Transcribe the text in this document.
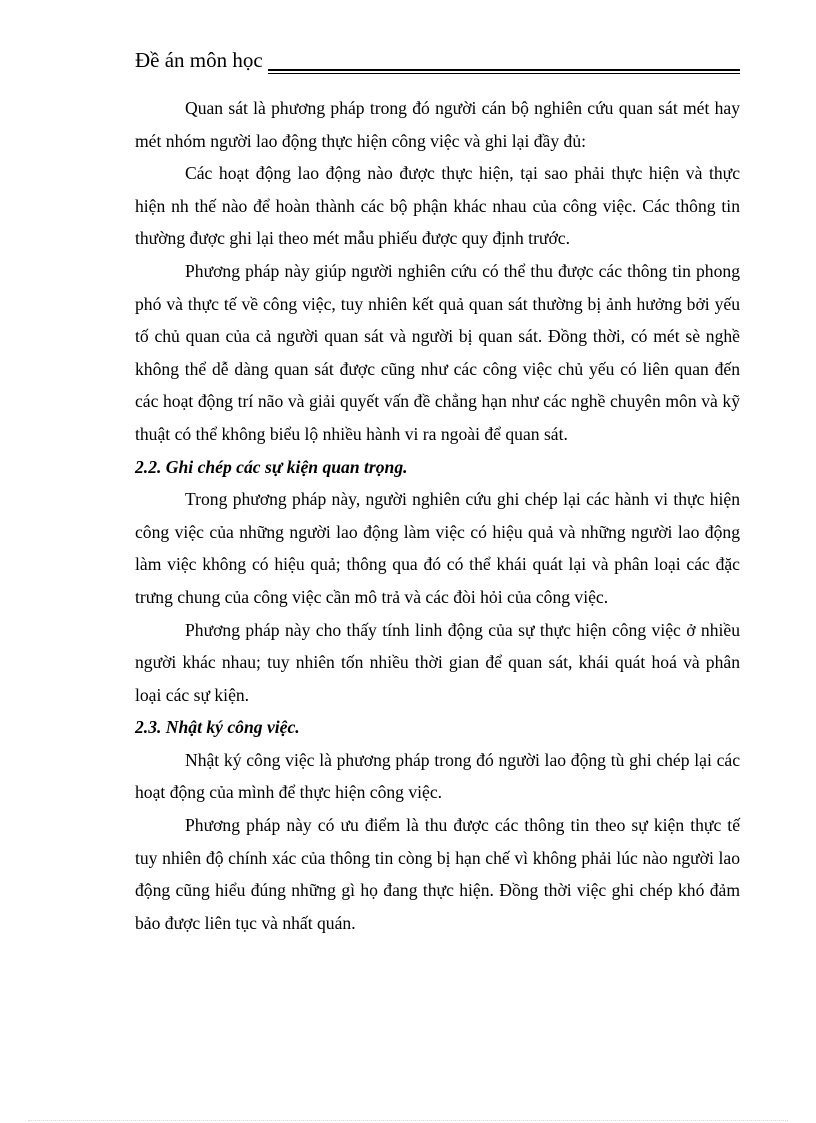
Đề án môn học

Quan sát là phương pháp trong đó người cán bộ nghiên cứu quan sát mét hay mét nhóm người lao động thực hiện công việc và ghi lại đầy đủ:

Các hoạt động lao động nào được thực hiện, tại sao phải thực hiện và thực hiện nh thế nào để hoàn thành các bộ phận khác nhau của công việc. Các thông tin thường được ghi lại theo mét mẫu phiếu được quy định trước.

Phương pháp này giúp người nghiên cứu có thể thu được các thông tin phong phó và thực tế về công việc, tuy nhiên kết quả quan sát thường bị ảnh hưởng bởi yếu tố chủ quan của cả người quan sát và người bị quan sát. Đồng thời, có mét sè nghề không thể dễ dàng quan sát được cũng như các công việc chủ yếu có liên quan đến các hoạt động trí não và giải quyết vấn đề chẳng hạn như các nghề chuyên môn và kỹ thuật có thể không biểu lộ nhiều hành vi ra ngoài để quan sát.

2.2. Ghi chép các sự kiện quan trọng.

Trong phương pháp này, người nghiên cứu ghi chép lại các hành vi thực hiện công việc của những người lao động làm việc có hiệu quả và những người lao động làm việc không có hiệu quả; thông qua đó có thể khái quát lại và phân loại các đặc trưng chung của công việc cần mô trả và các đòi hỏi của công việc.

Phương pháp này cho thấy tính linh động của sự thực hiện công việc ở nhiều người khác nhau; tuy nhiên tốn nhiều thời gian để quan sát, khái quát hoá và phân loại các sự kiện.

2.3. Nhật ký công việc.

Nhật ký công việc là phương pháp trong đó người lao động tù ghi chép lại các hoạt động của mình để thực hiện công việc.

Phương pháp này có ưu điểm là thu được các thông tin theo sự kiện thực tế tuy nhiên độ chính xác của thông tin còng bị hạn chế vì không phải lúc nào người lao động cũng hiểu đúng những gì họ đang thực hiện. Đồng thời việc ghi chép khó đảm bảo được liên tục và nhất quán.
